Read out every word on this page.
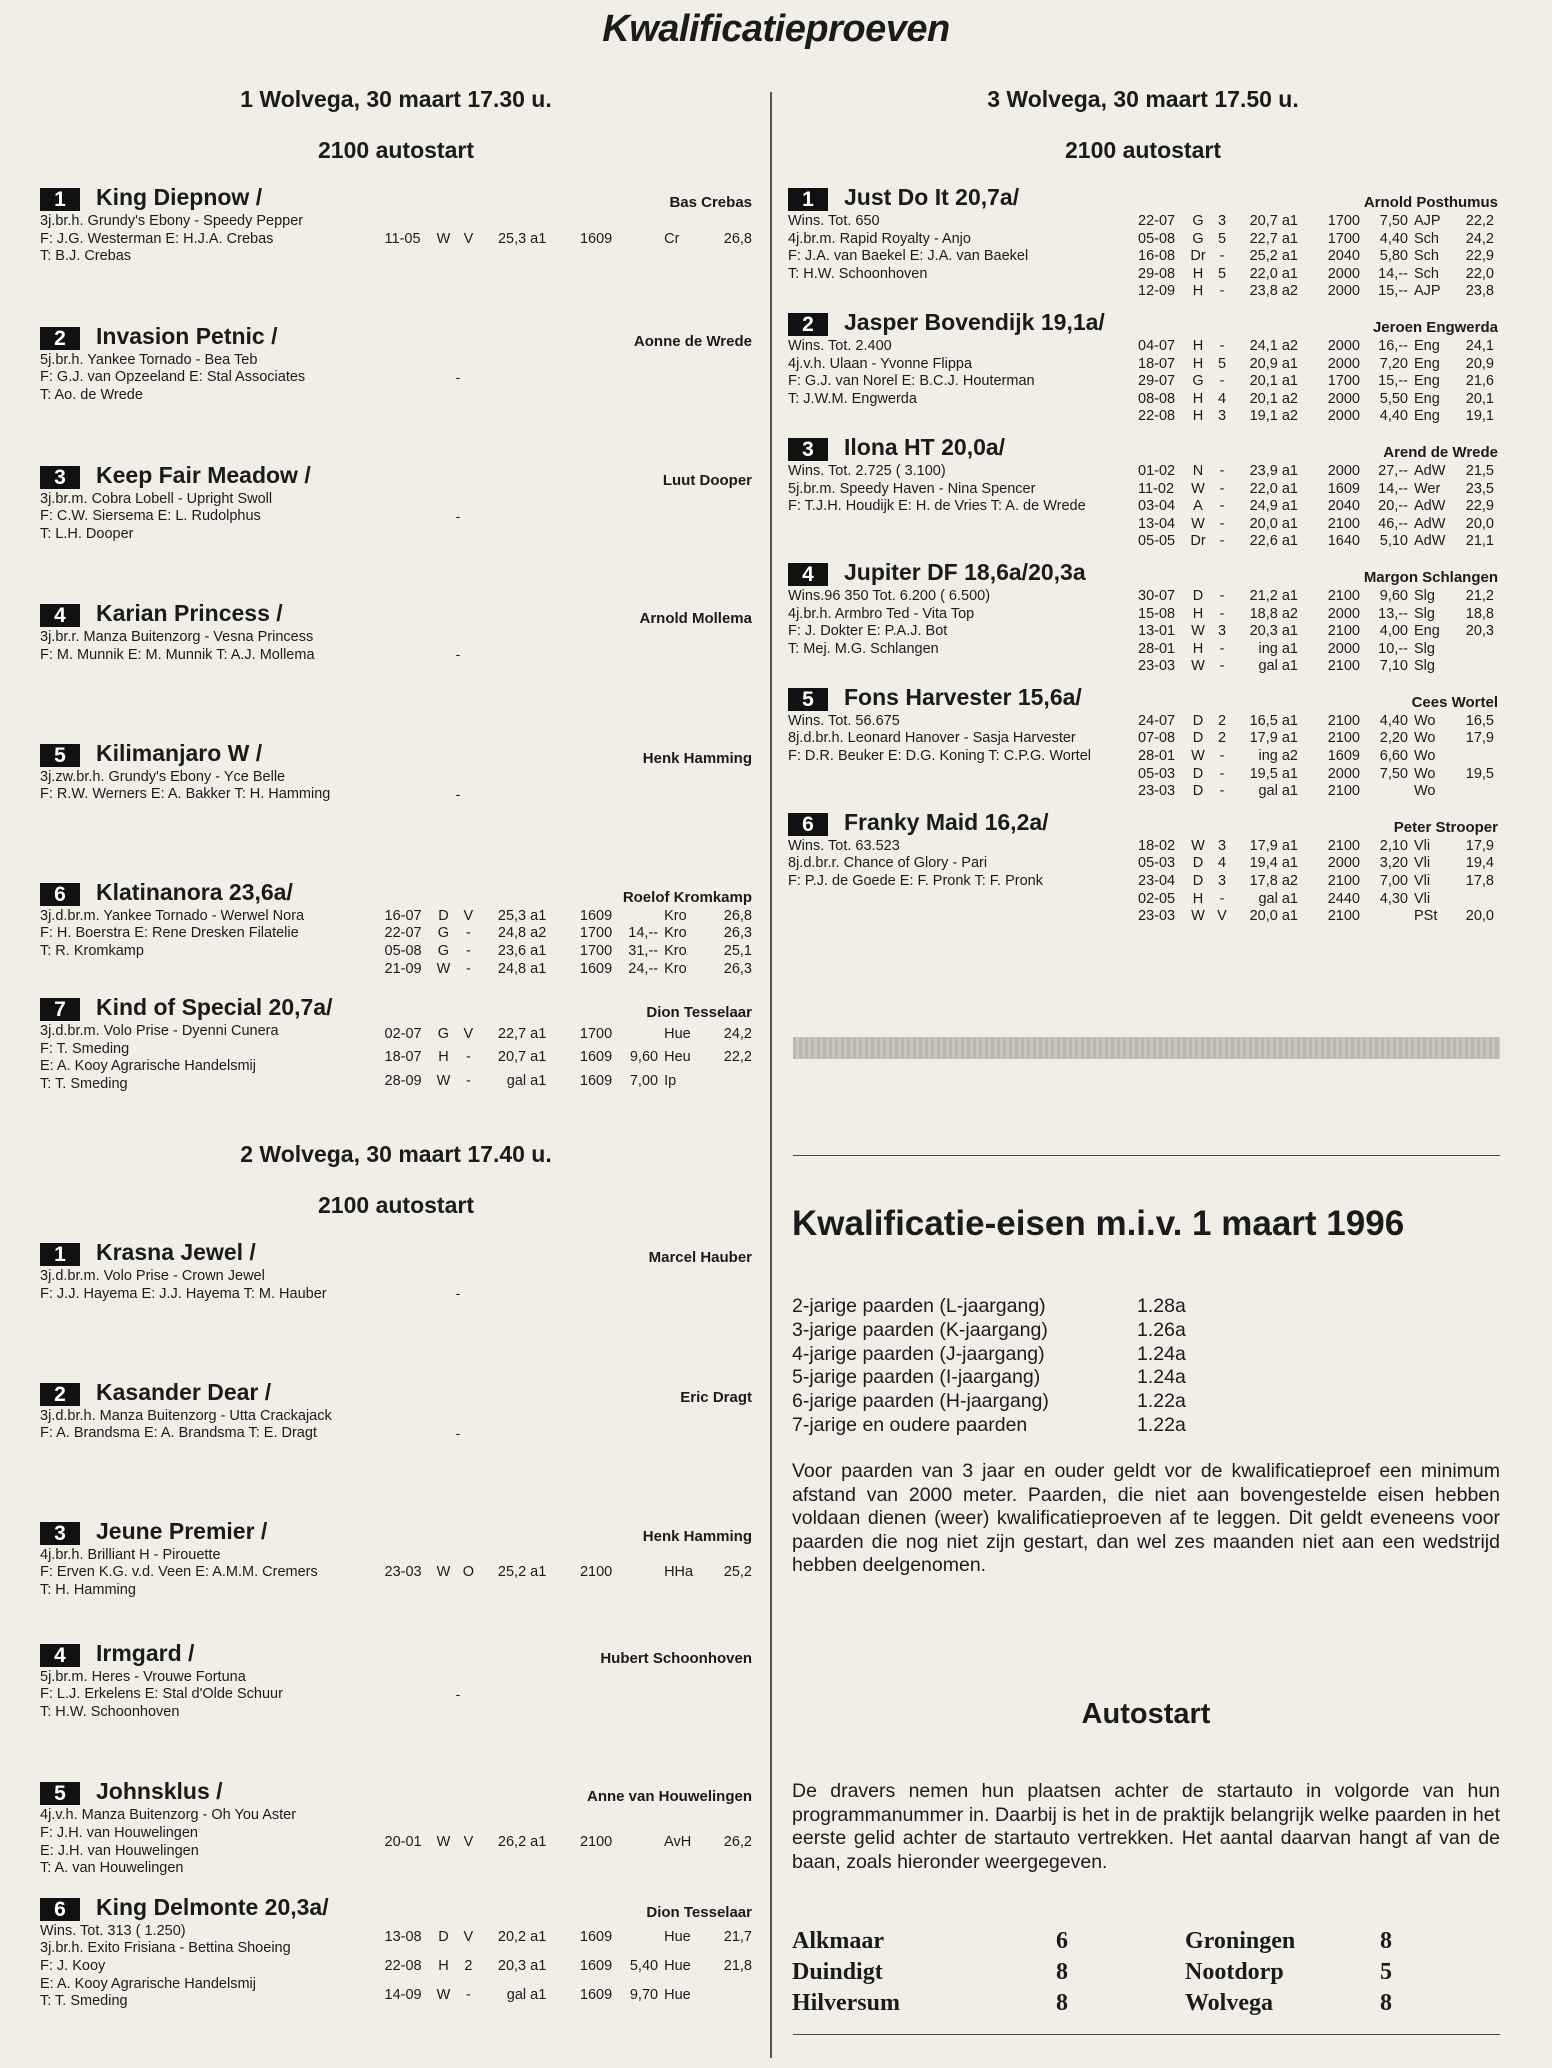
Kwalificatieproeven
1 Wolvega, 30 maart 17.30 u.
2100 autostart
1	King Diepnow /	Bas Crebas
3j.br.h. Grundy's Ebony - Speedy Pepper
F: J.G. Westerman E: H.J.A. Crebas
T: B.J. Crebas
11-05	W	V	25,3 a1	1609		Cr	26,8
2	Invasion Petnic /	Aonne de Wrede
5j.br.h. Yankee Tornado - Bea Teb
F: G.J. van Opzeeland E: Stal Associates
T: Ao. de Wrede
-
3	Keep Fair Meadow /	Luut Dooper
3j.br.m. Cobra Lobell - Upright Swoll
F: C.W. Siersema E: L. Rudolphus
T: L.H. Dooper
-
4	Karian Princess /	Arnold Mollema
3j.br.r. Manza Buitenzorg - Vesna Princess
F: M. Munnik E: M. Munnik T: A.J. Mollema	-
5	Kilimanjaro W /	Henk Hamming
3j.zw.br.h. Grundy's Ebony - Yce Belle
F: R.W. Werners E: A. Bakker T: H. Hamming	-
6	Klatinanora 23,6a/	Roelof Kromkamp
3j.d.br.m. Yankee Tornado - Werwel Nora
F: H. Boerstra E: Rene Dresken Filatelie
T: R. Kromkamp
16-07	D	V	25,3 a1	1609		Kro	26,8
22-07	G	-	24,8 a2	1700	14,--	Kro	26,3
05-08	G	-	23,6 a1	1700	31,--	Kro	25,1
21-09	W	-	24,8 a1	1609	24,--	Kro	26,3
7	Kind of Special 20,7a/	Dion Tesselaar
3j.d.br.m. Volo Prise - Dyenni Cunera
F: T. Smeding
E: A. Kooy Agrarische Handelsmij
T: T. Smeding
02-07	G	V	22,7 a1	1700		Hue	24,2
18-07	H	-	20,7 a1	1609	9,60	Heu	22,2
28-09	W	-	gal a1	1609	7,00	Ip	
2 Wolvega, 30 maart 17.40 u.
2100 autostart
1	Krasna Jewel /	Marcel Hauber
3j.d.br.m. Volo Prise - Crown Jewel
F: J.J. Hayema E: J.J. Hayema T: M. Hauber	-
2	Kasander Dear /	Eric Dragt
3j.d.br.h. Manza Buitenzorg - Utta Crackajack
F: A. Brandsma E: A. Brandsma T: E. Dragt	-
3	Jeune Premier /	Henk Hamming
4j.br.h. Brilliant H - Pirouette
F: Erven K.G. v.d. Veen E: A.M.M. Cremers
T: H. Hamming
23-03	W	O	25,2 a1	2100		HHa	25,2
4	Irmgard /	Hubert Schoonhoven
5j.br.m. Heres - Vrouwe Fortuna
F: L.J. Erkelens E: Stal d'Olde Schuur
T: H.W. Schoonhoven
-
5	Johnsklus /	Anne van Houwelingen
4j.v.h. Manza Buitenzorg - Oh You Aster
F: J.H. van Houwelingen
E: J.H. van Houwelingen
T: A. van Houwelingen
20-01	W	V	26,2 a1	2100		AvH	26,2
6	King Delmonte 20,3a/	Dion Tesselaar
Wins. Tot. 313 ( 1.250)
3j.br.h. Exito Frisiana - Bettina Shoeing
F: J. Kooy
E: A. Kooy Agrarische Handelsmij
T: T. Smeding
13-08	D	V	20,2 a1	1609		Hue	21,7
22-08	H	2	20,3 a1	1609	5,40	Hue	21,8
14-09	W	-	gal a1	1609	9,70	Hue	
3 Wolvega, 30 maart 17.50 u.
2100 autostart
1	Just Do It 20,7a/	Arnold Posthumus
Wins. Tot. 650
4j.br.m. Rapid Royalty - Anjo
F: J.A. van Baekel E: J.A. van Baekel
T: H.W. Schoonhoven
22-07	G	3	20,7 a1	1700	7,50	AJP	22,2
05-08	G	5	22,7 a1	1700	4,40	Sch	24,2
16-08	Dr	-	25,2 a1	2040	5,80	Sch	22,9
29-08	H	5	22,0 a1	2000	14,--	Sch	22,0
12-09	H	-	23,8 a2	2000	15,--	AJP	23,8
2	Jasper Bovendijk 19,1a/	Jeroen Engwerda
Wins. Tot. 2.400
4j.v.h. Ulaan - Yvonne Flippa
F: G.J. van Norel E: B.C.J. Houterman
T: J.W.M. Engwerda
04-07	H	-	24,1 a2	2000	16,--	Eng	24,1
18-07	H	5	20,9 a1	2000	7,20	Eng	20,9
29-07	G	-	20,1 a1	1700	15,--	Eng	21,6
08-08	H	4	20,1 a2	2000	5,50	Eng	20,1
22-08	H	3	19,1 a2	2000	4,40	Eng	19,1
3	Ilona HT 20,0a/	Arend de Wrede
Wins. Tot. 2.725 ( 3.100)
5j.br.m. Speedy Haven - Nina Spencer
F: T.J.H. Houdijk E: H. de Vries T: A. de Wrede
01-02	N	-	23,9 a1	2000	27,--	AdW	21,5
11-02	W	-	22,0 a1	1609	14,--	Wer	23,5
03-04	A	-	24,9 a1	2040	20,--	AdW	22,9
13-04	W	-	20,0 a1	2100	46,--	AdW	20,0
05-05	Dr	-	22,6 a1	1640	5,10	AdW	21,1
4	Jupiter DF 18,6a/20,3a	Margon Schlangen
Wins.96 350 Tot. 6.200 ( 6.500)
4j.br.h. Armbro Ted - Vita Top
F: J. Dokter E: P.A.J. Bot
T: Mej. M.G. Schlangen
30-07	D	-	21,2 a1	2100	9,60	Slg	21,2
15-08	H	-	18,8 a2	2000	13,--	Slg	18,8
13-01	W	3	20,3 a1	2100	4,00	Eng	20,3
28-01	H	-	ing a1	2000	10,--	Slg	
23-03	W	-	gal a1	2100	7,10	Slg	
5	Fons Harvester 15,6a/	Cees Wortel
Wins. Tot. 56.675
8j.d.br.h. Leonard Hanover - Sasja Harvester
F: D.R. Beuker E: D.G. Koning T: C.P.G. Wortel
24-07	D	2	16,5 a1	2100	4,40	Wo	16,5
07-08	D	2	17,9 a1	2100	2,20	Wo	17,9
28-01	W	-	ing a2	1609	6,60	Wo	
05-03	D	-	19,5 a1	2000	7,50	Wo	19,5
23-03	D	-	gal a1	2100		Wo	
6	Franky Maid 16,2a/	Peter Strooper
Wins. Tot. 63.523
8j.d.br.r. Chance of Glory - Pari
F: P.J. de Goede E: F. Pronk T: F. Pronk
18-02	W	3	17,9 a1	2100	2,10	Vli	17,9
05-03	D	4	19,4 a1	2000	3,20	Vli	19,4
23-04	D	3	17,8 a2	2100	7,00	Vli	17,8
02-05	H	-	gal a1	2440	4,30	Vli	
23-03	W	V	20,0 a1	2100		PSt	20,0
Kwalificatie-eisen m.i.v. 1 maart 1996
2-jarige paarden (L-jaargang)	1.28a
3-jarige paarden (K-jaargang)	1.26a
4-jarige paarden (J-jaargang)	1.24a
5-jarige paarden (I-jaargang)	1.24a
6-jarige paarden (H-jaargang)	1.22a
7-jarige en oudere paarden	1.22a
Voor paarden van 3 jaar en ouder geldt vor de kwalificatieproef een minimum afstand van 2000 meter. Paarden, die niet aan bovengestelde eisen hebben voldaan dienen (weer) kwalificatieproeven af te leggen. Dit geldt eveneens voor paarden die nog niet zijn gestart, dan wel zes maanden niet aan een wedstrijd hebben deelgenomen.
Autostart
De dravers nemen hun plaatsen achter de startauto in volgorde van hun programmanummer in. Daarbij is het in de praktijk belangrijk welke paarden in het eerste gelid achter de startauto vertrekken. Het aantal daarvan hangt af van de baan, zoals hieronder weergegeven.
Alkmaar	6
Duindigt	8
Hilversum	8
Groningen	8
Nootdorp	5
Wolvega	8
